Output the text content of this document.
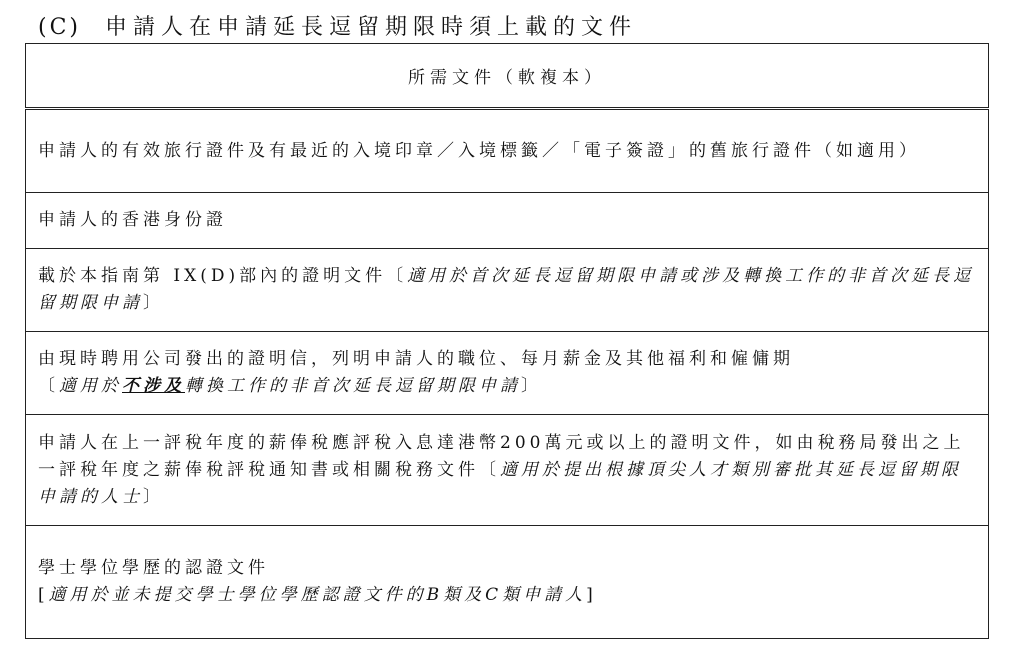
(C) 申請人在申請延長逗留期限時須上載的文件
所需文件（軟複本）
申請人的有效旅行證件及有最近的入境印章／入境標籤／「電子簽證」的舊旅行證件（如適用）
申請人的香港身份證
載於本指南第 IX(D)部內的證明文件〔適用於首次延長逗留期限申請或涉及轉換工作的非首次延長逗留期限申請〕
由現時聘用公司發出的證明信，列明申請人的職位、每月薪金及其他福利和僱傭期
〔適用於不涉及轉換工作的非首次延長逗留期限申請〕
申請人在上一評稅年度的薪俸稅應評稅入息達港幣200萬元或以上的證明文件，如由稅務局發出之上一評稅年度之薪俸稅評稅通知書或相關稅務文件〔適用於提出根據頂尖人才類別審批其延長逗留期限申請的人士〕
學士學位學歷的認證文件
[適用於並未提交學士學位學歷認證文件的B類及C類申請人]
